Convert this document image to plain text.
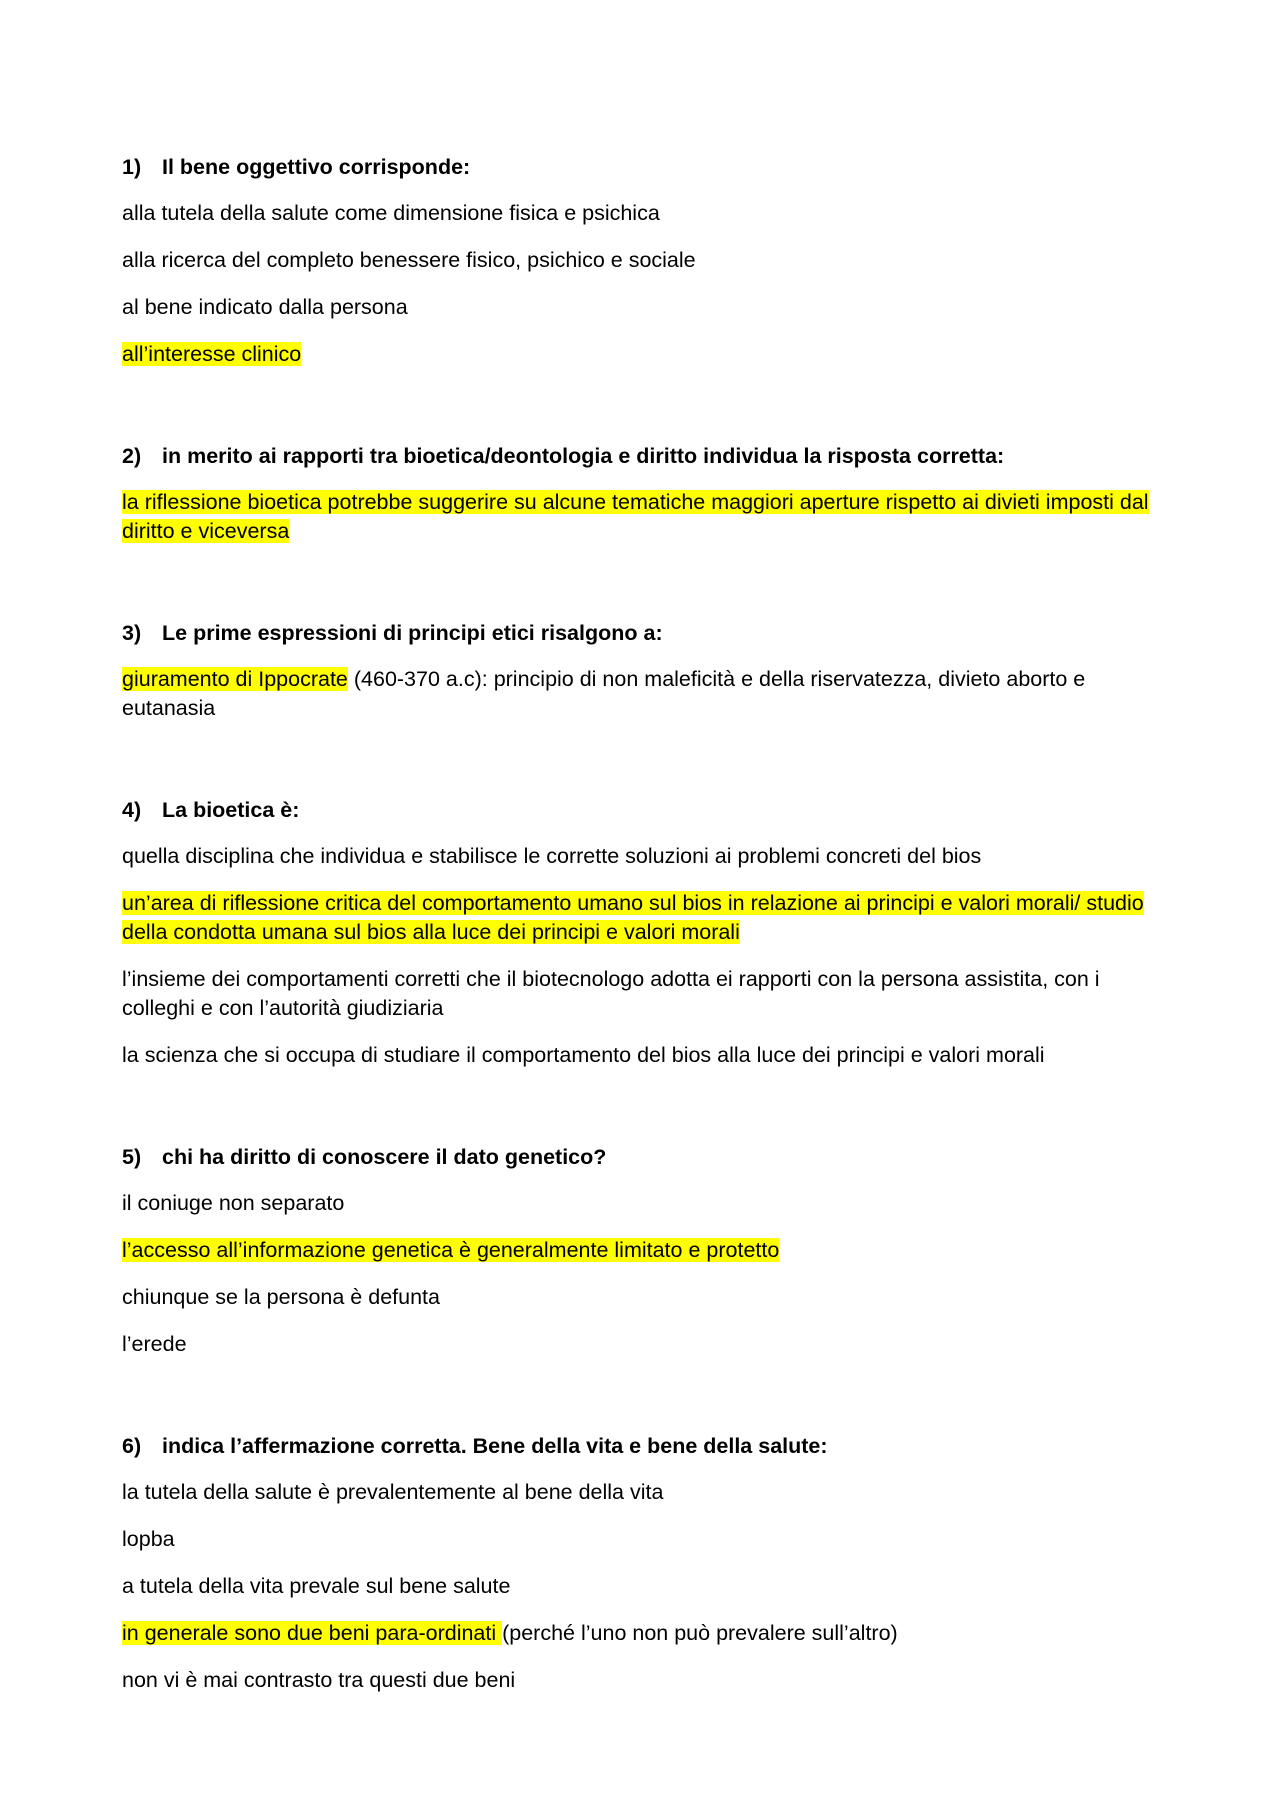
1) Il bene oggettivo corrisponde:
alla tutela della salute come dimensione fisica e psichica
alla ricerca del completo benessere fisico, psichico e sociale
al bene indicato dalla persona
all’interesse clinico
2) in merito ai rapporti tra bioetica/deontologia e diritto individua la risposta corretta:
la riflessione bioetica potrebbe suggerire su alcune tematiche maggiori aperture rispetto ai divieti imposti dal diritto e viceversa
3) Le prime espressioni di principi etici risalgono a:
giuramento di Ippocrate (460-370 a.c): principio di non maleficità e della riservatezza, divieto aborto e eutanasia
4) La bioetica è:
quella disciplina che individua e stabilisce le corrette soluzioni ai problemi concreti del bios
un’area di riflessione critica del comportamento umano sul bios in relazione ai principi e valori morali/ studio della condotta umana sul bios alla luce dei principi e valori morali
l’insieme dei comportamenti corretti che il biotecnologo adotta ei rapporti con la persona assistita, con i colleghi e con l’autorità giudiziaria
la scienza che si occupa di studiare il comportamento del bios alla luce dei principi e valori morali
5) chi ha diritto di conoscere il dato genetico?
il coniuge non separato
l’accesso all’informazione genetica è generalmente limitato e protetto
chiunque se la persona è defunta
l’erede
6) indica l’affermazione corretta. Bene della vita e bene della salute:
la tutela della salute è prevalentemente al bene della vita
lopba
a tutela della vita prevale sul bene salute
in generale sono due beni para-ordinati (perché l’uno non può prevalere sull’altro)
non vi è mai contrasto tra questi due beni
